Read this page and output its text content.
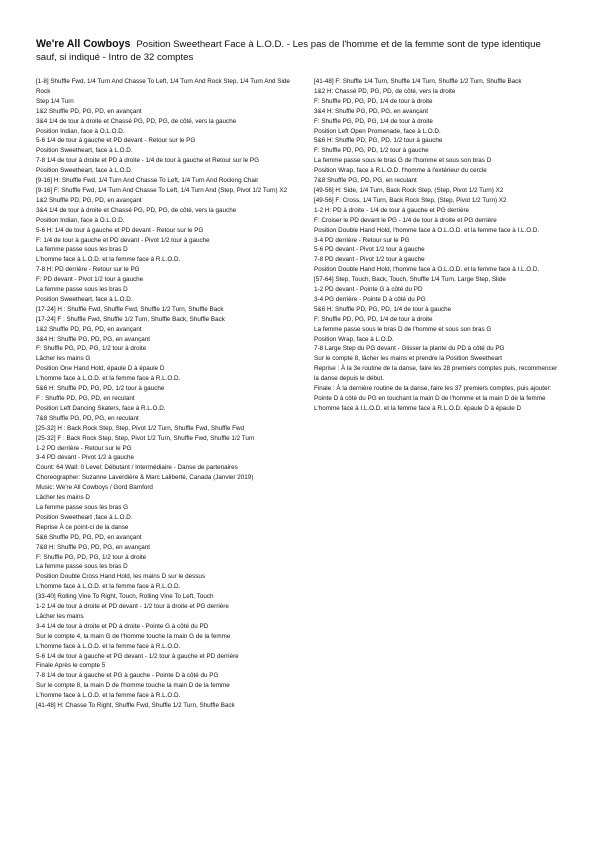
We're All Cowboys Position Sweetheart Face à L.O.D. - Les pas de l'homme et de la femme sont de type identique sauf, si indiqué - Intro de 32 comptes
[1-8] Shuffle Fwd, 1/4 Turn And Chasse To Left, 1/4 Turn And Rock Step, 1/4 Turn And Side Rock
Step 1/4 Turn
1&2 Shuffle PD, PG, PD, en avançant
3&4 1/4 de tour à droite et Chassé PG, PD, PG, de côté, vers la gauche
Position Indian, face à O.L.O.D.
5-6 1/4 de tour à gauche et PD devant - Retour sur le PG
Position Sweetheart, face à L.O.D.
7-8 1/4 de tour à droite et PD à droite - 1/4 de tour à gauche et Retour sur le PG
Position Sweetheart, face à L.O.D.
[9-16] H: Shuffle Fwd, 1/4 Turn And Chasse To Left, 1/4 Turn And Rocking Chair
[9-16] F: Shuffle Fwd, 1/4 Turn And Chasse To Left, 1/4 Turn And (Step, Pivot 1/2 Turn) X2
1&2 Shuffle PD, PG, PD, en avançant
3&4 1/4 de tour à droite et Chassé PG, PD, PG, de côté, vers la gauche
Position Indian, face à O.L.O.D.
5-6 H: 1/4 de tour à gauche et PD devant - Retour sur le PG
F: 1/4 de tour à gauche et PD devant - Pivot 1/2 tour à gauche
La femme passe sous les bras D
L'homme face à L.O.D. et la femme face à R.L.O.D.
7-8 H: PD derrière - Retour sur le PG
F: PD devant - Pivot 1/2 tour à gauche
La femme passe sous les bras D
Position Sweetheart, face à L.O.D.
[17-24] H : Shuffle Fwd, Shuffle Fwd, Shuffle 1/2 Turn, Shuffle Back
[17-24] F : Shuffle Fwd, Shuffle 1/2 Turn, Shuffle Back, Shuffle Back
1&2 Shuffle PD, PG, PD, en avançant
3&4 H: Shuffle PG, PD, PG, en avançant
F: Shuffle PG, PD, PG, 1/2 tour à droite
Lâcher les mains G
Position One Hand Hold, épaule D à épaule D
L'homme face à L.O.D. et la femme face à R.L.O.D.
5&6 H: Shuffle PD, PG, PD, 1/2 tour à gauche
F : Shuffle PD, PG, PD, en reculant
Position Left Dancing Skaters, face à R.L.O.D.
7&8 Shuffle PG, PD, PG, en reculant
[25-32] H : Back Rock Step, Step, Pivot 1/2 Turn, Shuffle Fwd, Shuffle Fwd
[25-32] F : Back Rock Step, Step, Pivot 1/2 Turn, Shuffle Fwd, Shuffle 1/2 Turn
1-2 PD derrière - Retour sur le PG
3-4 PD devant - Pivot 1/2 à gauche
Count: 64 Wall: 0 Level: Débutant / Intermédiaire - Danse de partenaires
Choreographer: Suzanne Laverdière & Marc Laliberté, Canada (Janvier 2019)
Music: We're All Cowboys / Gord Bamford
Lâcher les mains D
La femme passe sous les bras G
Position Sweetheart ,face à L.O.D.
Reprise À ce point-ci de la danse
5&6 Shuffle PD, PG, PD, en avançant
7&8 H: Shuffle PG, PD, PG, en avançant
F: Shuffle PG, PD, PG, 1/2 tour à droite
La femme passe sous les bras D
Position Double Cross Hand Hold, les mains D sur le dessus
L'homme face à L.O.D. et la femme face à R.L.O.D.
[33-40] Rolling Vine To Right, Touch, Rolling Vine To Left, Touch
1-2 1/4 de tour à droite et PD devant - 1/2 tour à droite et PG derrière
Lâcher les mains
3-4 1/4 de tour à droite et PD à droite - Pointe G à côté du PD
Sur le compte 4, la main G de l'homme touche la main G de la femme
L'homme face à L.O.D. et la femme face à R.L.O.D.
5-6 1/4 de tour à gauche et PG devant - 1/2 tour à gauche et PD derrière
Finale Après le compte 5
7-8 1/4 de tour à gauche et PG à gauche - Pointe D à côté du PG
Sur le compte 8, la main D de l'homme touche la main D de la femme
L'homme face à L.O.D. et la femme face à R.L.O.D.
[41-48] H: Chasse To Right, Shuffle Fwd, Shuffle 1/2 Turn, Shuffle Back
[41-48] F: Shuffle 1/4 Turn, Shuffle 1/4 Turn, Shuffle 1/2 Turn, Shuffle Back
1&2 H: Chassé PD, PG, PD, de côté, vers la droite
F: Shuffle PD, PG, PD, 1/4 de tour à droite
3&4 H: Shuffle PG, PD, PG, en avançant
F: Shuffle PG, PD, PG, 1/4 de tour à droite
Position Left Open Promenade, face à L.O.D.
5&6 H: Shuffle PD, PG, PD, 1/2 tour à gauche
F: Shuffle PD, PG, PD, 1/2 tour à gauche
La femme passe sous le bras G de l'homme et sous son bras D
Position Wrap, face à R.L.O.D. l'homme à l'extérieur du cercle
7&8 Shuffle PG, PD, PG, en reculant
[49-56] H: Side, 1/4 Turn, Back Rock Step, (Step, Pivot 1/2 Turn) X2
[49-56] F: Cross, 1/4 Turn, Back Rock Step, (Step, Pivot 1/2 Turn) X2
1-2 H: PD à droite - 1/4 de tour à gauche et PG derrière
F: Croiser le PD devant le PG - 1/4 de tour à droite et PG derrière
Position Double Hand Hold, l'homme face à O.L.O.D. et la femme face à I.L.O.D.
3-4 PD derrière - Retour sur le PG
5-6 PD devant - Pivot 1/2 tour à gauche
7-8 PD devant - Pivot 1/2 tour à gauche
Position Double Hand Hold, l'homme face à O.L.O.D. et la femme face à I.L.O.D.
[57-64] Step, Touch, Back, Touch, Shuffle 1/4 Turn, Large Step, Slide
1-2 PD devant - Pointe G à côté du PD
3-4 PG derrière - Pointe D à côté du PG
5&6 H: Shuffle PD, PG, PD, 1/4 de tour à gauche
F: Shuffle PD, PG, PD, 1/4 de tour à droite
La femme passe sous le bras D de l'homme et sous son bras G
Position Wrap, face à L.O.D.
7-8 Large Step du PG devant - Glisser la plante du PD à côté du PG
Sur le compte 8, lâcher les mains et prendre la Position Sweetheart
Reprise : À la 3e routine de la danse, faire les 28 premiers comptes puis, recommencer la danse depuis le début.
Finale : À la dernière routine de la danse, faire les 37 premiers comptes, puis ajouter:
Pointe D à côté du PG en touchant la main D de l'homme et la main D de la femme
L'homme face à I.L.O.D. et la femme face à R.L.O.D. épaule D à épaule D
